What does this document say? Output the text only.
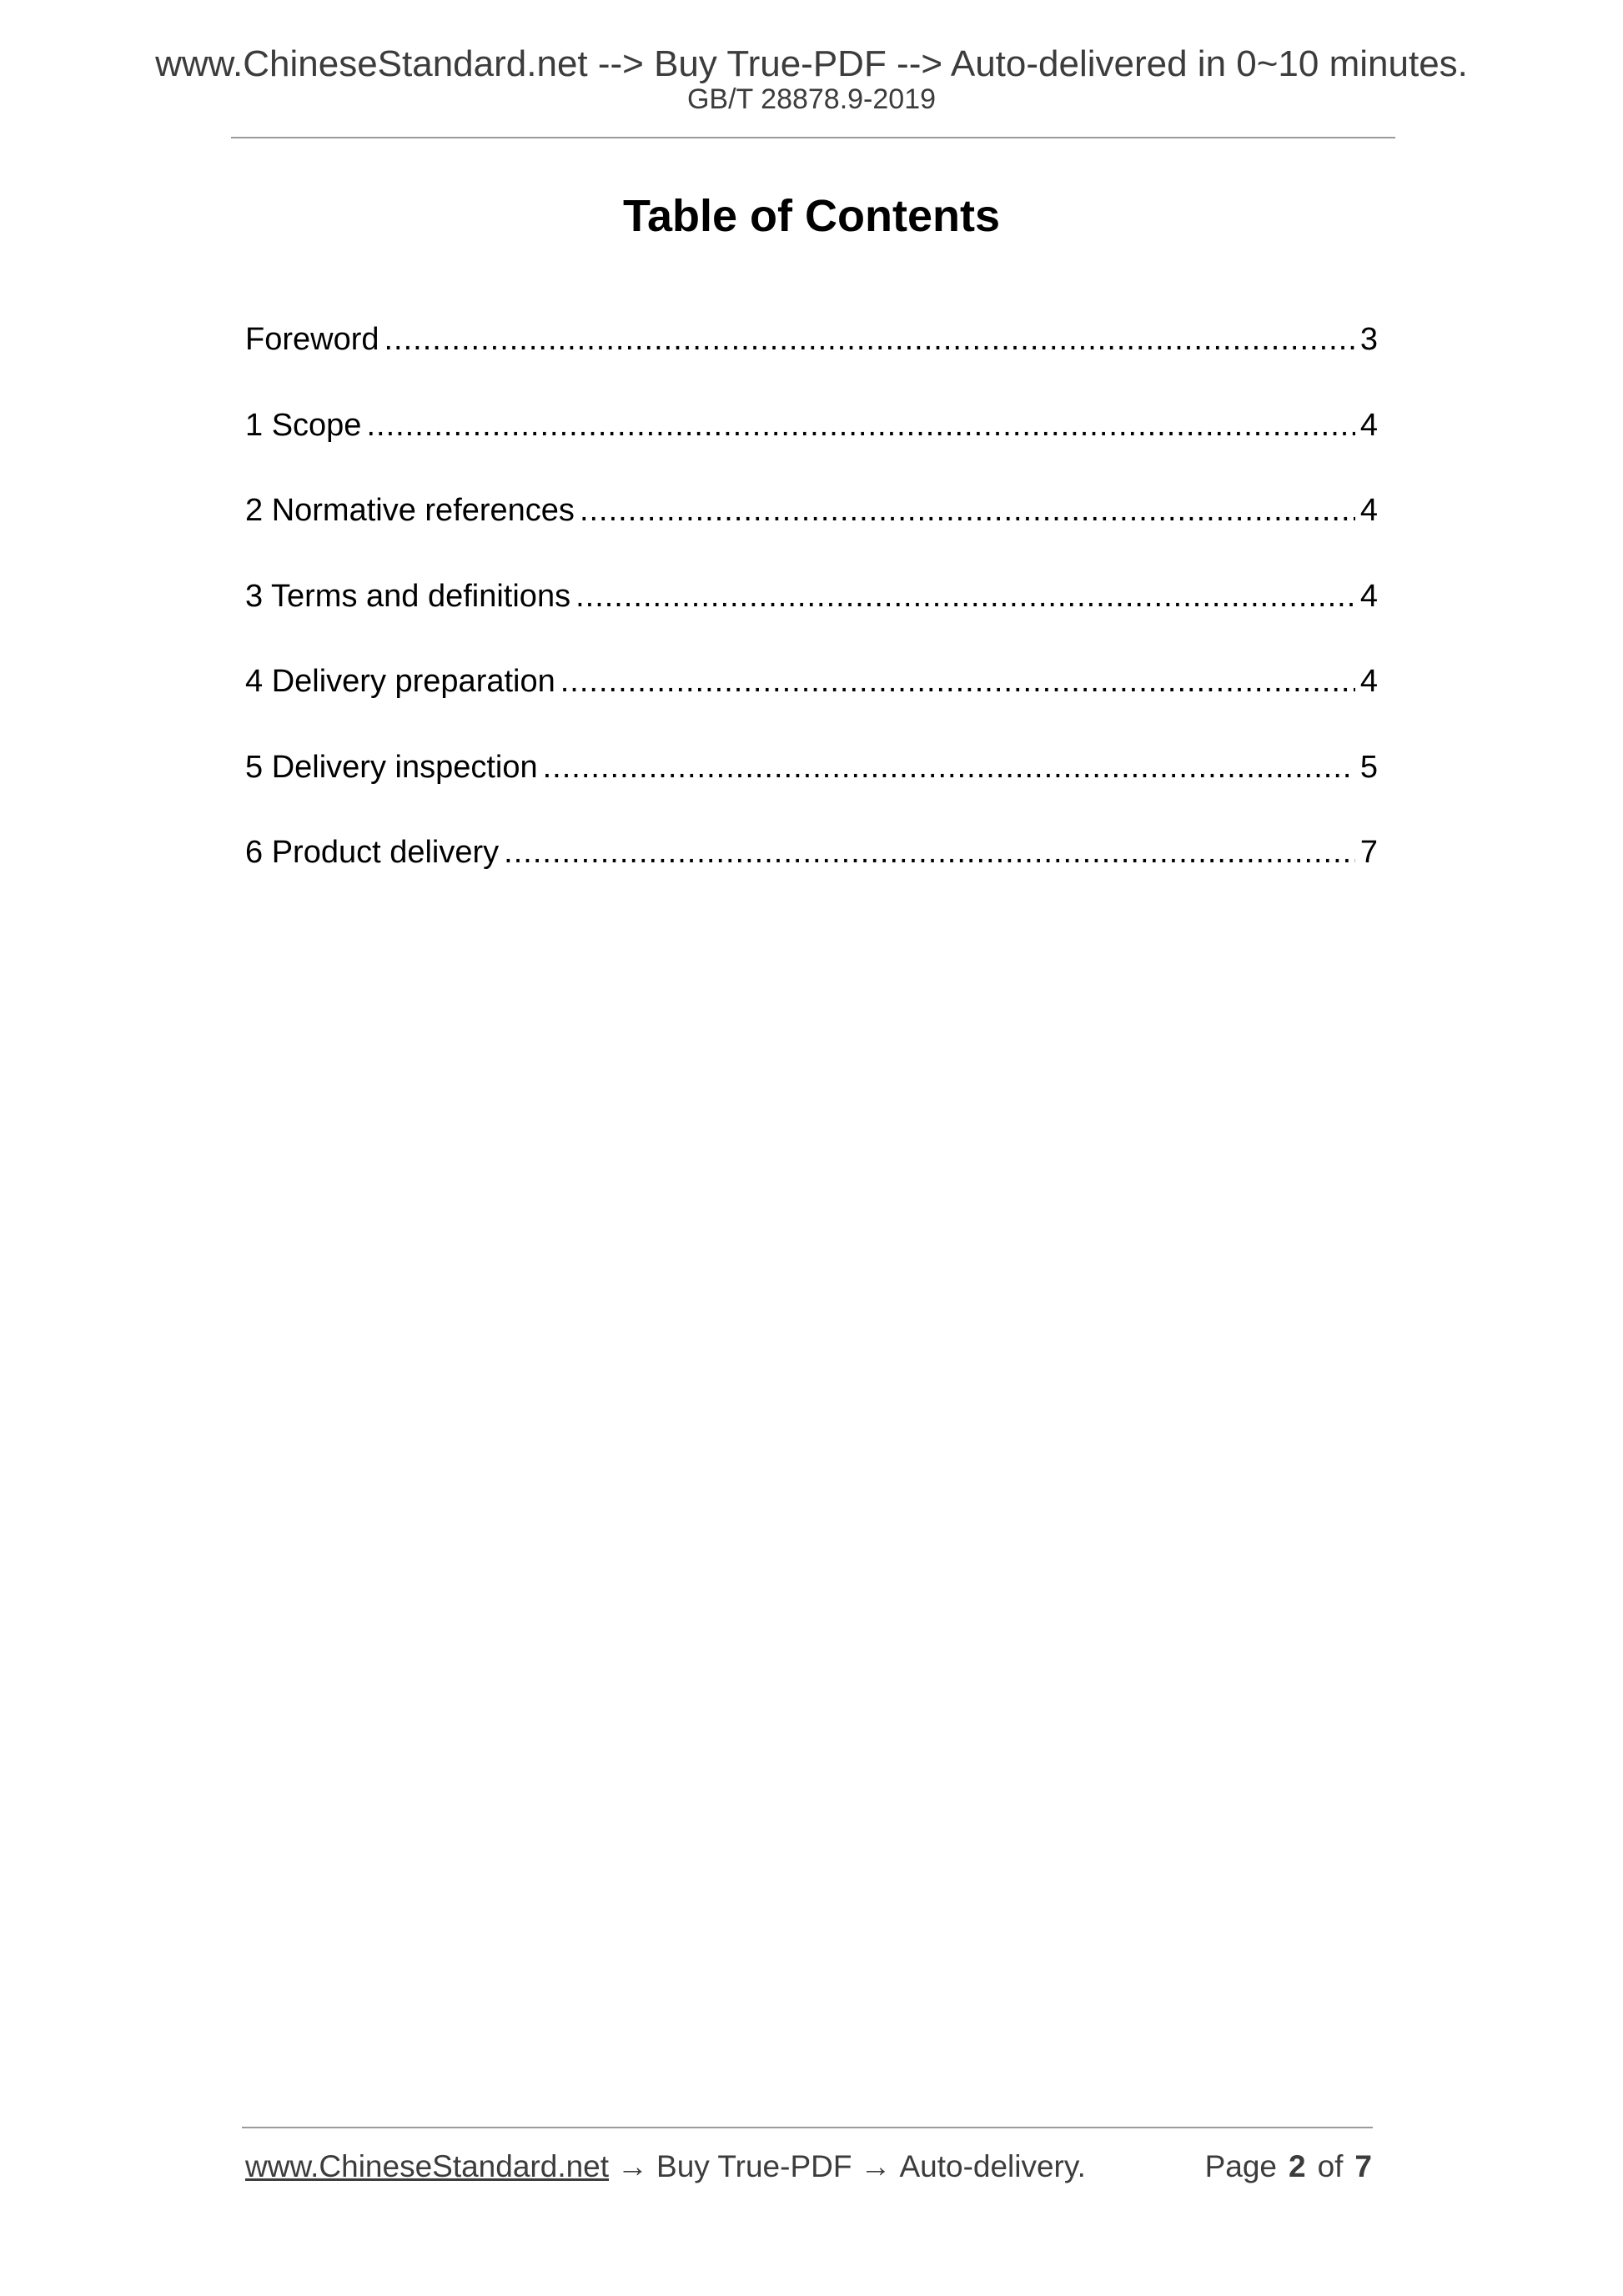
www.ChineseStandard.net --> Buy True-PDF --> Auto-delivered in 0~10 minutes.
GB/T 28878.9-2019
Table of Contents
Foreword .....	3
1 Scope .....	4
2 Normative references .....	4
3 Terms and definitions .....	4
4 Delivery preparation .....	4
5 Delivery inspection .....	5
6 Product delivery .....	7
www.ChineseStandard.net → Buy True-PDF → Auto-delivery.	Page 2 of 7
